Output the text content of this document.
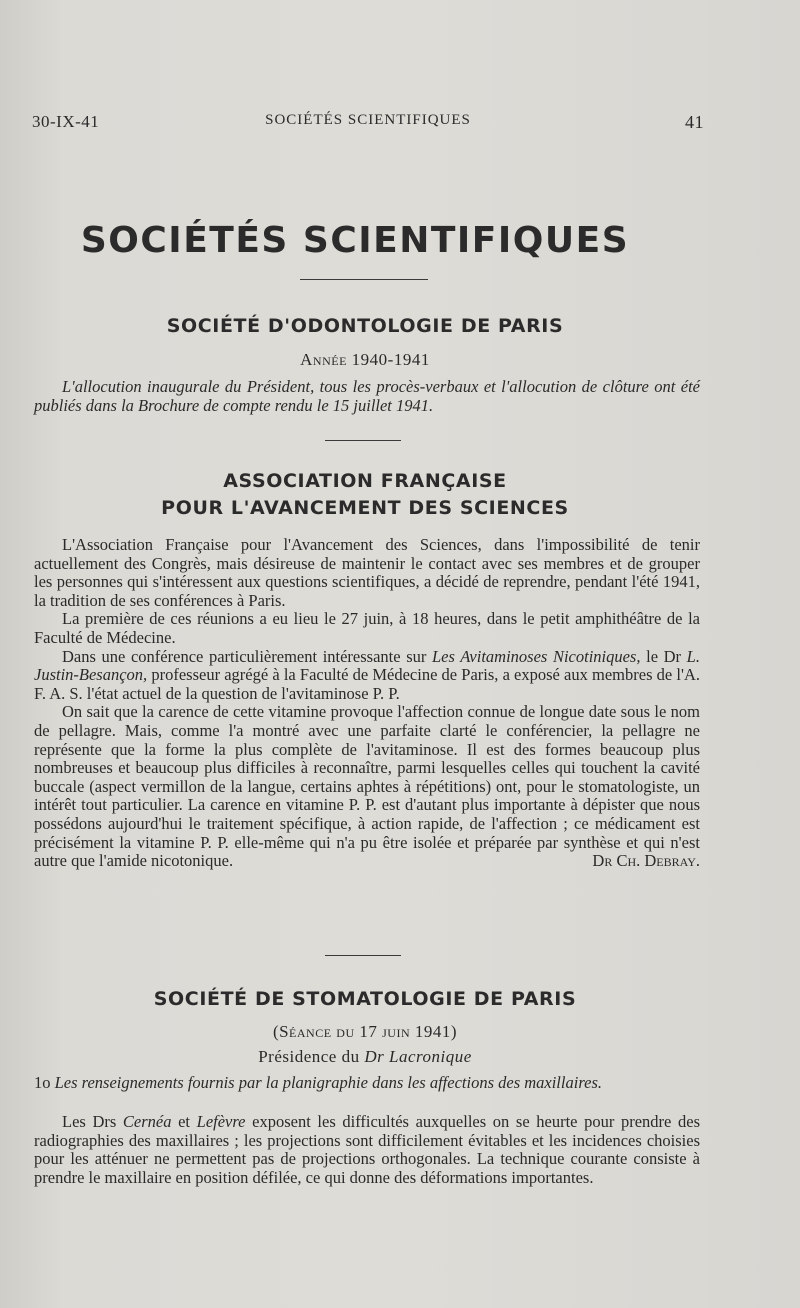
30-IX-41	SOCIÉTÉS SCIENTIFIQUES	41
SOCIÉTÉS SCIENTIFIQUES
SOCIÉTÉ D'ODONTOLOGIE DE PARIS
Année 1940-1941

L'allocution inaugurale du Président, tous les procès-verbaux et l'allocution de clôture ont été publiés dans la Brochure de compte rendu le 15 juillet 1941.

ASSOCIATION FRANÇAISE
POUR L'AVANCEMENT DES SCIENCES

L'Association Française pour l'Avancement des Sciences, dans l'impossibilité de tenir actuellement des Congrès, mais désireuse de maintenir le contact avec ses membres et de grouper les personnes qui s'intéressent aux questions scientifiques, a décidé de reprendre, pendant l'été 1941, la tradition de ses conférences à Paris.

La première de ces réunions a eu lieu le 27 juin, à 18 heures, dans le petit amphithéâtre de la Faculté de Médecine.

Dans une conférence particulièrement intéressante sur Les Avitaminoses Nicotiniques, le Dr L. Justin-Besançon, professeur agrégé à la Faculté de Médecine de Paris, a exposé aux membres de l'A. F. A. S. l'état actuel de la question de l'avitaminose P. P.

On sait que la carence de cette vitamine provoque l'affection connue de longue date sous le nom de pellagre. Mais, comme l'a montré avec une parfaite clarté le conférencier, la pellagre ne représente que la forme la plus complète de l'avitaminose. Il est des formes beaucoup plus nombreuses et beaucoup plus difficiles à reconnaître, parmi lesquelles celles qui touchent la cavité buccale (aspect vermillon de la langue, certains aphtes à répétitions) ont, pour le stomatologiste, un intérêt tout particulier. La carence en vitamine P. P. est d'autant plus importante à dépister que nous possédons aujourd'hui le traitement spécifique, à action rapide, de l'affection ; ce médicament est précisément la vitamine P. P. elle-même qui n'a pu être isolée et préparée par synthèse et qui n'est autre que l'amide nicotonique.	Dr Ch. Debray.
SOCIÉTÉ DE STOMATOLOGIE DE PARIS
(Séance du 17 juin 1941)
Présidence du Dr Lacronique

1o Les renseignements fournis par la planigraphie dans les affections des maxillaires.

Les Drs Cernéa et Lefèvre exposent les difficultés auxquelles on se heurte pour prendre des radiographies des maxillaires ; les projections sont difficilement évitables et les incidences choisies pour les atténuer ne permettent pas de projections orthogonales. La technique courante consiste à prendre le maxillaire en position défilée, ce qui donne des déformations importantes.
